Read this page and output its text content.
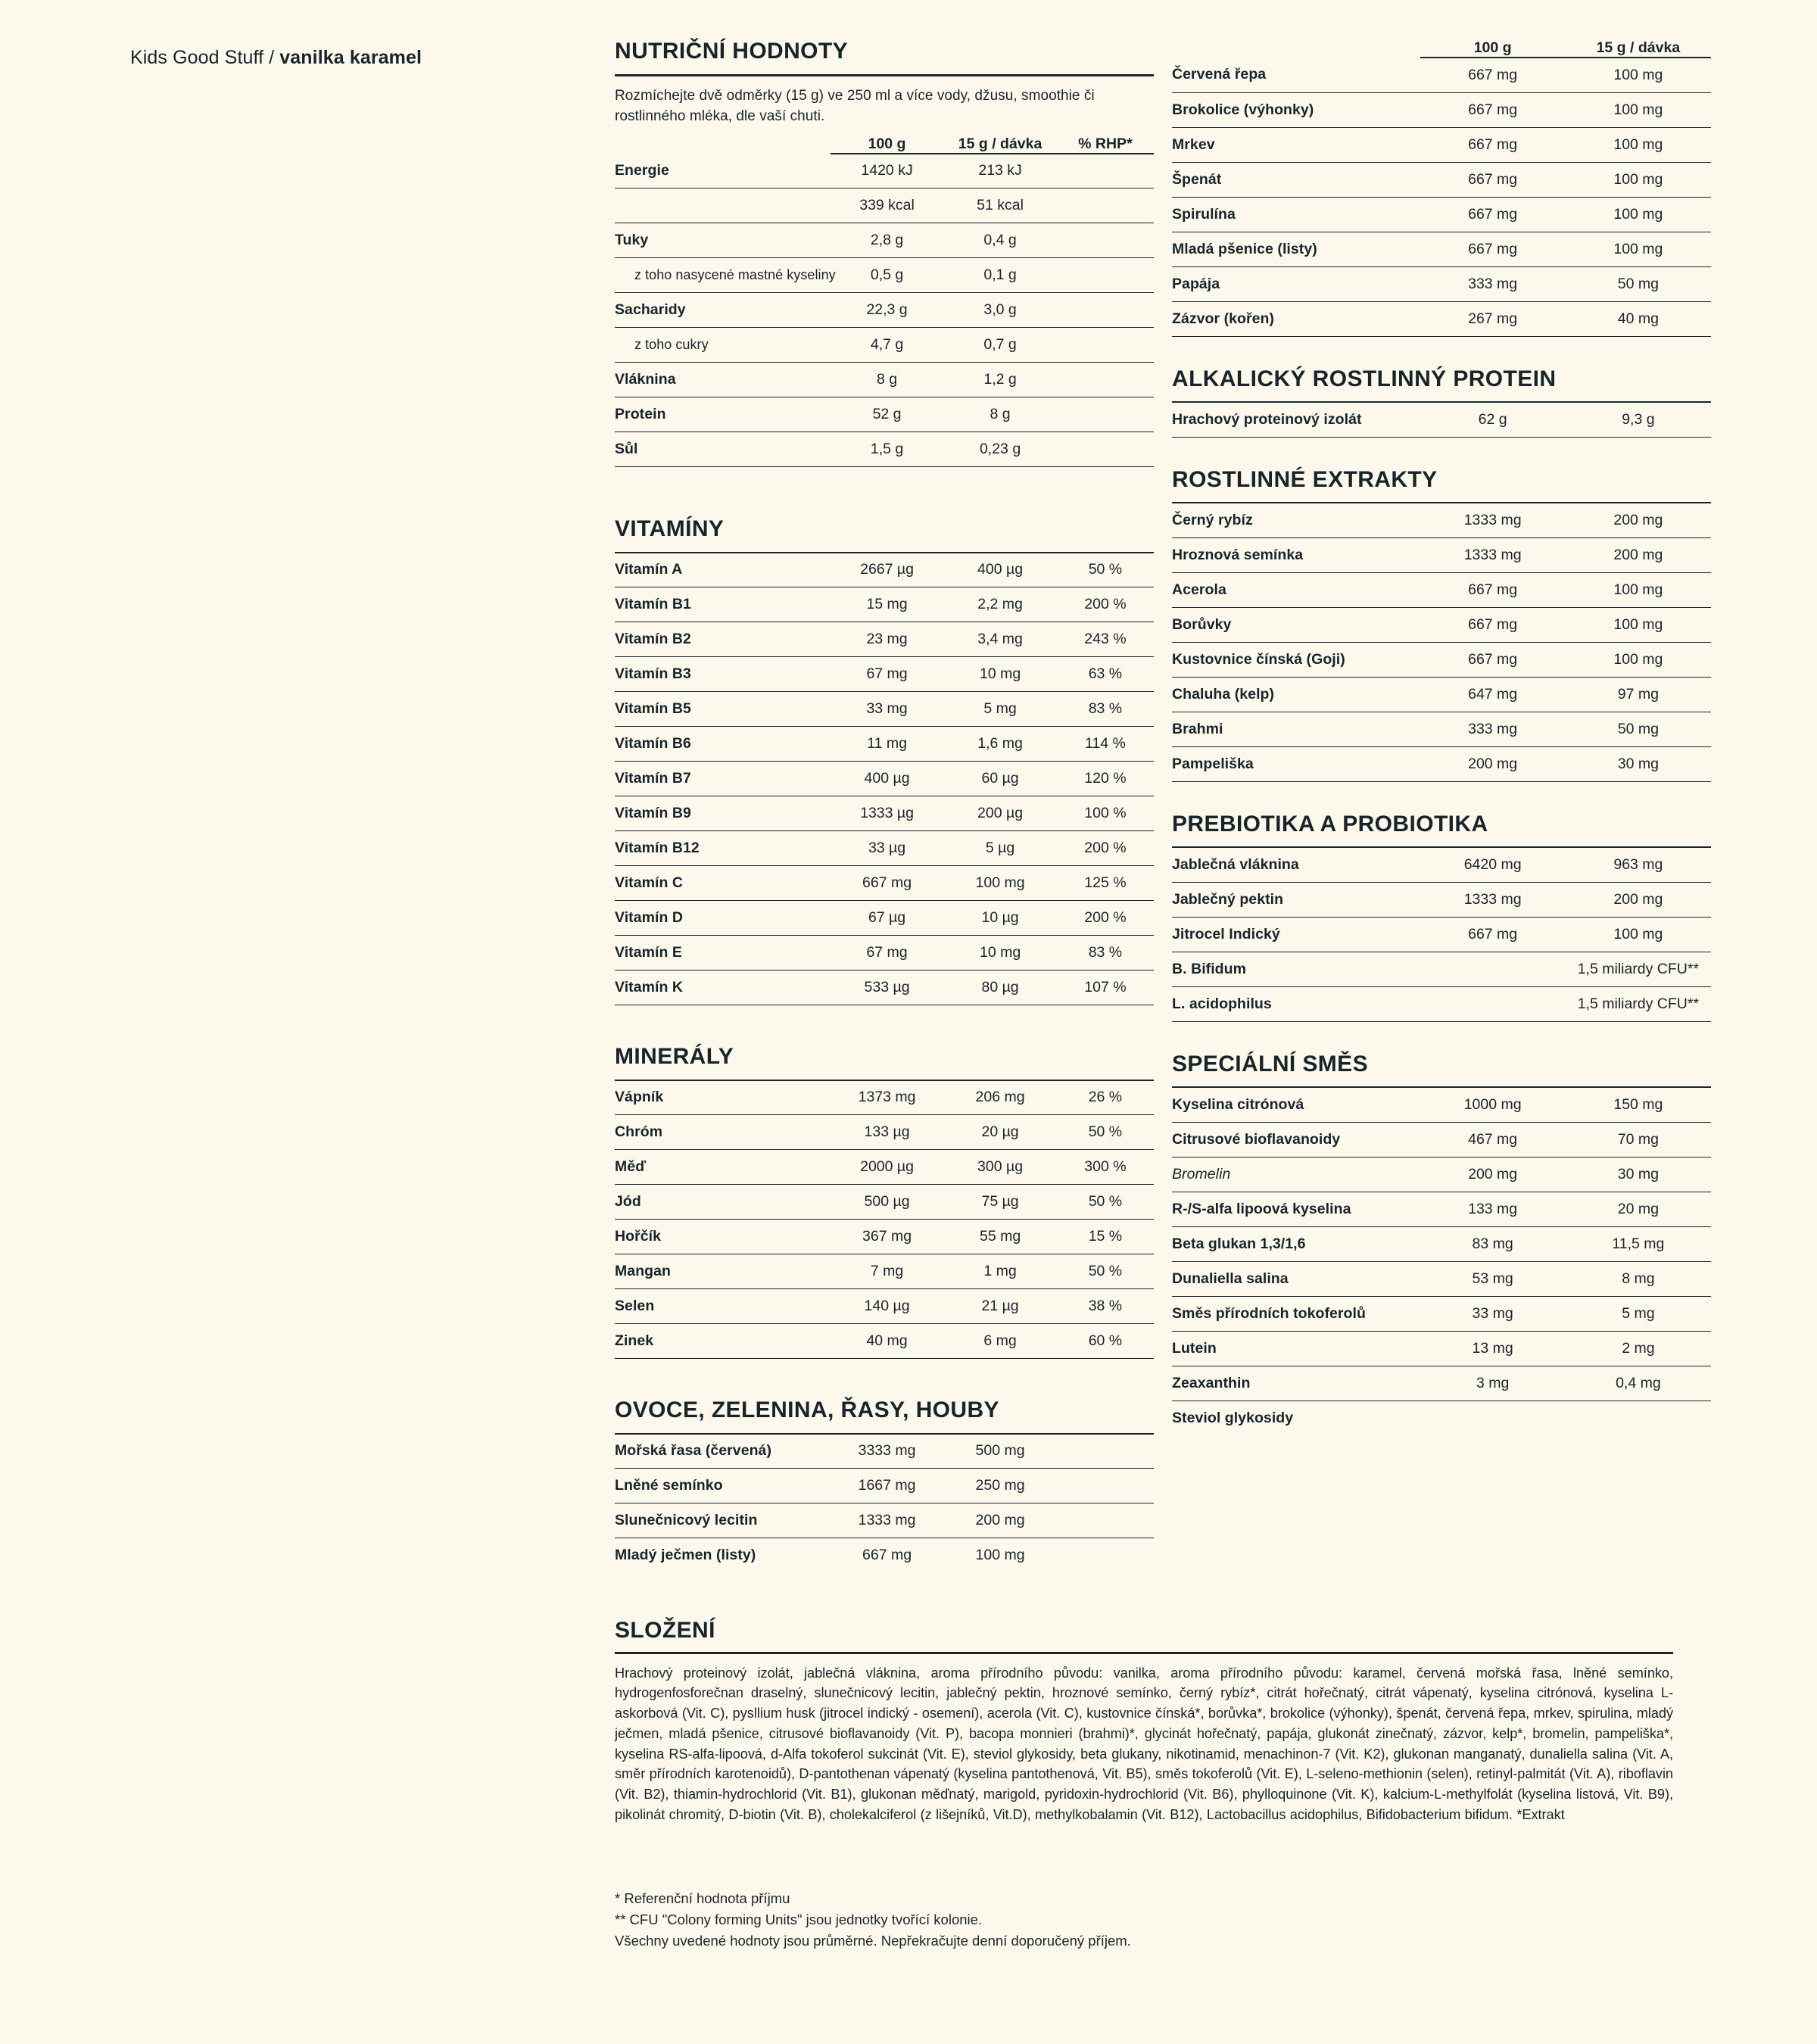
Kids Good Stuff / vanilka karamel	NUTRIČNÍ HODNOTY
Rozmíchejte dvě odměrky (15 g) ve 250 ml a více vody, džusu, smoothie či rostlinného mléka, dle vaší chuti.
	100 g	15 g / dávka	% RHP*

Energie	1420 kJ	213 kJ	
	339 kcal	51 kcal	
Tuky	2,8 g	0,4 g	
z toho nasycené mastné kyseliny	0,5 g	0,1 g	
Sacharidy	22,3 g	3,0 g	
z toho cukry	4,7 g	0,7 g	
Vláknina	8 g	1,2 g	
Protein	52 g	8 g	
Sůl	1,5 g	0,23 g	
VITAMÍNY
Vitamín A	2667 µg	400 µg	50 %
Vitamín B1	15 mg	2,2 mg	200 %
Vitamín B2	23 mg	3,4 mg	243 %
Vitamín B3	67 mg	10 mg	63 %
Vitamín B5	33 mg	5 mg	83 %
Vitamín B6	11 mg	1,6 mg	114 %
Vitamín B7	400 µg	60 µg	120 %
Vitamín B9	1333 µg	200 µg	100 %
Vitamín B12	33 µg	5 µg	200 %
Vitamín C	667 mg	100 mg	125 %
Vitamín D	67 µg	10 µg	200 %
Vitamín E	67 mg	10 mg	83 %
Vitamín K	533 µg	80 µg	107 %
MINERÁLY
Vápník	1373 mg	206 mg	26 %
Chróm	133 µg	20 µg	50 %
Měď	2000 µg	300 µg	300 %
Jód	500 µg	75 µg	50 %
Hořčík	367 mg	55 mg	15 %
Mangan	7 mg	1 mg	50 %
Selen	140 µg	21 µg	38 %
Zinek	40 mg	6 mg	60 %
OVOCE, ZELENINA, ŘASY, HOUBY
Mořská řasa (červená)	3333 mg	500 mg	
Lněné semínko	1667 mg	250 mg	
Slunečnicový lecitin	1333 mg	200 mg	
Mladý ječmen (listy)	667 mg	100 mg	
	100 g	15 g / dávka

Červená řepa	667 mg	100 mg
Brokolice (výhonky)	667 mg	100 mg
Mrkev	667 mg	100 mg
Špenát	667 mg	100 mg
Spirulína	667 mg	100 mg
Mladá pšenice (listy)	667 mg	100 mg
Papája	333 mg	50 mg
Zázvor (kořen)	267 mg	40 mg
ALKALICKÝ ROSTLINNÝ PROTEIN
Hrachový proteinový izolát	62 g	9,3 g
ROSTLINNÉ EXTRAKTY
Černý rybíz	1333 mg	200 mg
Hroznová semínka	1333 mg	200 mg
Acerola	667 mg	100 mg
Borůvky	667 mg	100 mg
Kustovnice čínská (Goji)	667 mg	100 mg
Chaluha (kelp)	647 mg	97 mg
Brahmi	333 mg	50 mg
Pampeliška	200 mg	30 mg
PREBIOTIKA A PROBIOTIKA
Jablečná vláknina	6420 mg	963 mg
Jablečný pektin	1333 mg	200 mg
Jitrocel Indický	667 mg	100 mg
B. Bifidum		1,5 miliardy CFU**
L. acidophilus		1,5 miliardy CFU**
SPECIÁLNÍ SMĚS
Kyselina citrónová	1000 mg	150 mg
Citrusové bioflavanoidy	467 mg	70 mg
Bromelin	200 mg	30 mg
R-/S-alfa lipoová kyselina	133 mg	20 mg
Beta glukan 1,3/1,6	83 mg	11,5 mg
Dunaliella salina	53 mg	8 mg
Směs přírodních tokoferolů	33 mg	5 mg
Lutein	13 mg	2 mg
Zeaxanthin	3 mg	0,4 mg
Steviol glykosidy		
SLOŽENÍ
Hrachový proteinový izolát, jablečná vláknina, aroma přírodního původu: vanilka, aroma přírodního původu: karamel, červená mořská řasa, lněné semínko, hydrogenfosforečnan draselný, slunečnicový lecitin, jablečný pektin, hroznové semínko, černý rybíz*, citrát hořečnatý, citrát vápenatý, kyselina citrónová, kyselina L-askorbová (Vit. C), pysllium husk (jitrocel indický - osemení), acerola (Vit. C), kustovnice čínská*, borůvka*, brokolice (výhonky), špenát, červená řepa, mrkev, spirulina, mladý ječmen, mladá pšenice, citrusové bioflavanoidy (Vit. P), bacopa monnieri (brahmi)*, glycinát hořečnatý, papája, glukonát zinečnatý, zázvor, kelp*, bromelin, pampeliška*, kyselina RS-alfa-lipoová, d-Alfa tokoferol sukcinát (Vit. E), steviol glykosidy, beta glukany, nikotinamid, menachinon-7 (Vit. K2), glukonan manganatý, dunaliella salina (Vit. A, směr přírodních karotenoidů), D-pantothenan vápenatý (kyselina pantothenová, Vit. B5), směs tokoferolů (Vit. E), L-seleno-methionin (selen), retinyl-palmitát (Vit. A), riboflavin (Vit. B2), thiamin-hydrochlorid (Vit. B1), glukonan měďnatý, marigold, pyridoxin-hydrochlorid (Vit. B6), phylloquinone (Vit. K), kalcium-L-methylfolát (kyselina listová, Vit. B9), pikolinát chromitý, D-biotin (Vit. B), cholekalciferol (z lišejníků, Vit.D), methylkobalamin (Vit. B12), Lactobacillus acidophilus, Bifidobacterium bifidum. *Extrakt
* Referenční hodnota příjmu
** CFU "Colony forming Units" jsou jednotky tvořící kolonie.
Všechny uvedené hodnoty jsou průměrné. Nepřekračujte denní doporučený příjem.
